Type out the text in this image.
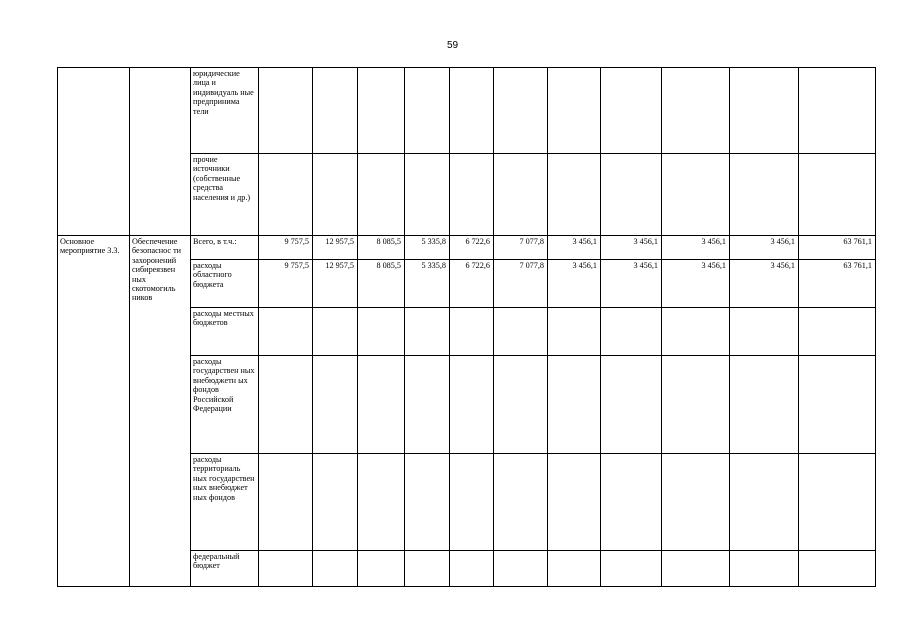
59
		юридические лица и индивидуаль ные предпринима тели											
		прочие источники (собственные средства населения и др.)											
Основное мероприятие 3.3.	Обеспечение безопаснос ти захоронений сибиреязвен ных скотомогиль ников	Всего, в т.ч.:	9 757,5	12 957,5	8 085,5	5 335,8	6 722,6	7 077,8	3 456,1	3 456,1	3 456,1	3 456,1	63 761,1
		расходы областного бюджета	9 757,5	12 957,5	8 085,5	5 335,8	6 722,6	7 077,8	3 456,1	3 456,1	3 456,1	3 456,1	63 761,1
		расходы местных бюджетов											
		расходы государствен ных внебюджетн ых фондов Российской Федерации											
		расходы территориаль ных государствен ных внебюджет ных фондов											
		федеральный бюджет											
